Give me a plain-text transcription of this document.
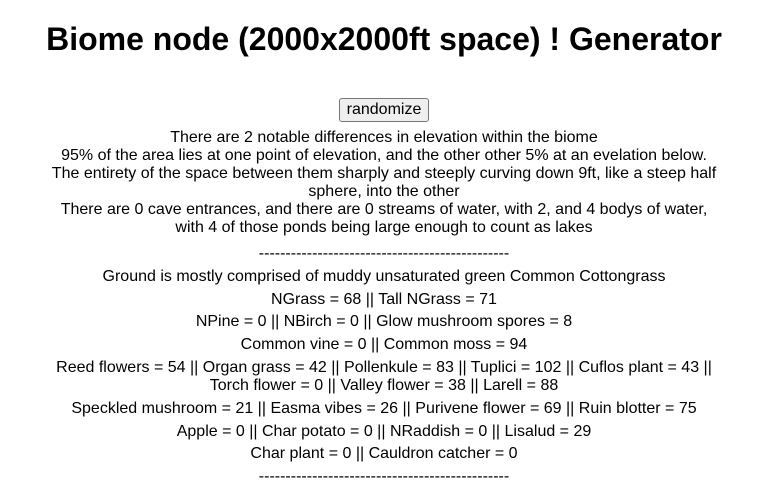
Biome node (2000x2000ft space) ! Generator
randomize

There are 2 notable differences in elevation within the biome

95% of the area lies at one point of elevation, and the other other 5% at an evelation below.

The entirety of the space between them sharply and steeply curving down 9ft, like a steep half sphere, into the other

There are 0 cave entrances, and there are 0 streams of water, with 2, and 4 bodys of water, with 4 of those ponds being large enough to count as lakes

-----------------------------------------------
Ground is mostly comprised of muddy unsaturated green Common Cottongrass
NGrass = 68 || Tall NGrass = 71
NPine = 0 || NBirch = 0 || Glow mushroom spores = 8
Common vine = 0 || Common moss = 94
Reed flowers = 54 || Organ grass = 42 || Pollenkule = 83 || Tuplici = 102 || Cuflos plant = 43 || Torch flower = 0 || Valley flower = 38 || Larell = 88
Speckled mushroom = 21 || Easma vibes = 26 || Purivene flower = 69 || Ruin blotter = 75
Apple = 0 || Char potato = 0 || NRaddish = 0 || Lisalud = 29
Char plant = 0 || Cauldron catcher = 0
-----------------------------------------------
